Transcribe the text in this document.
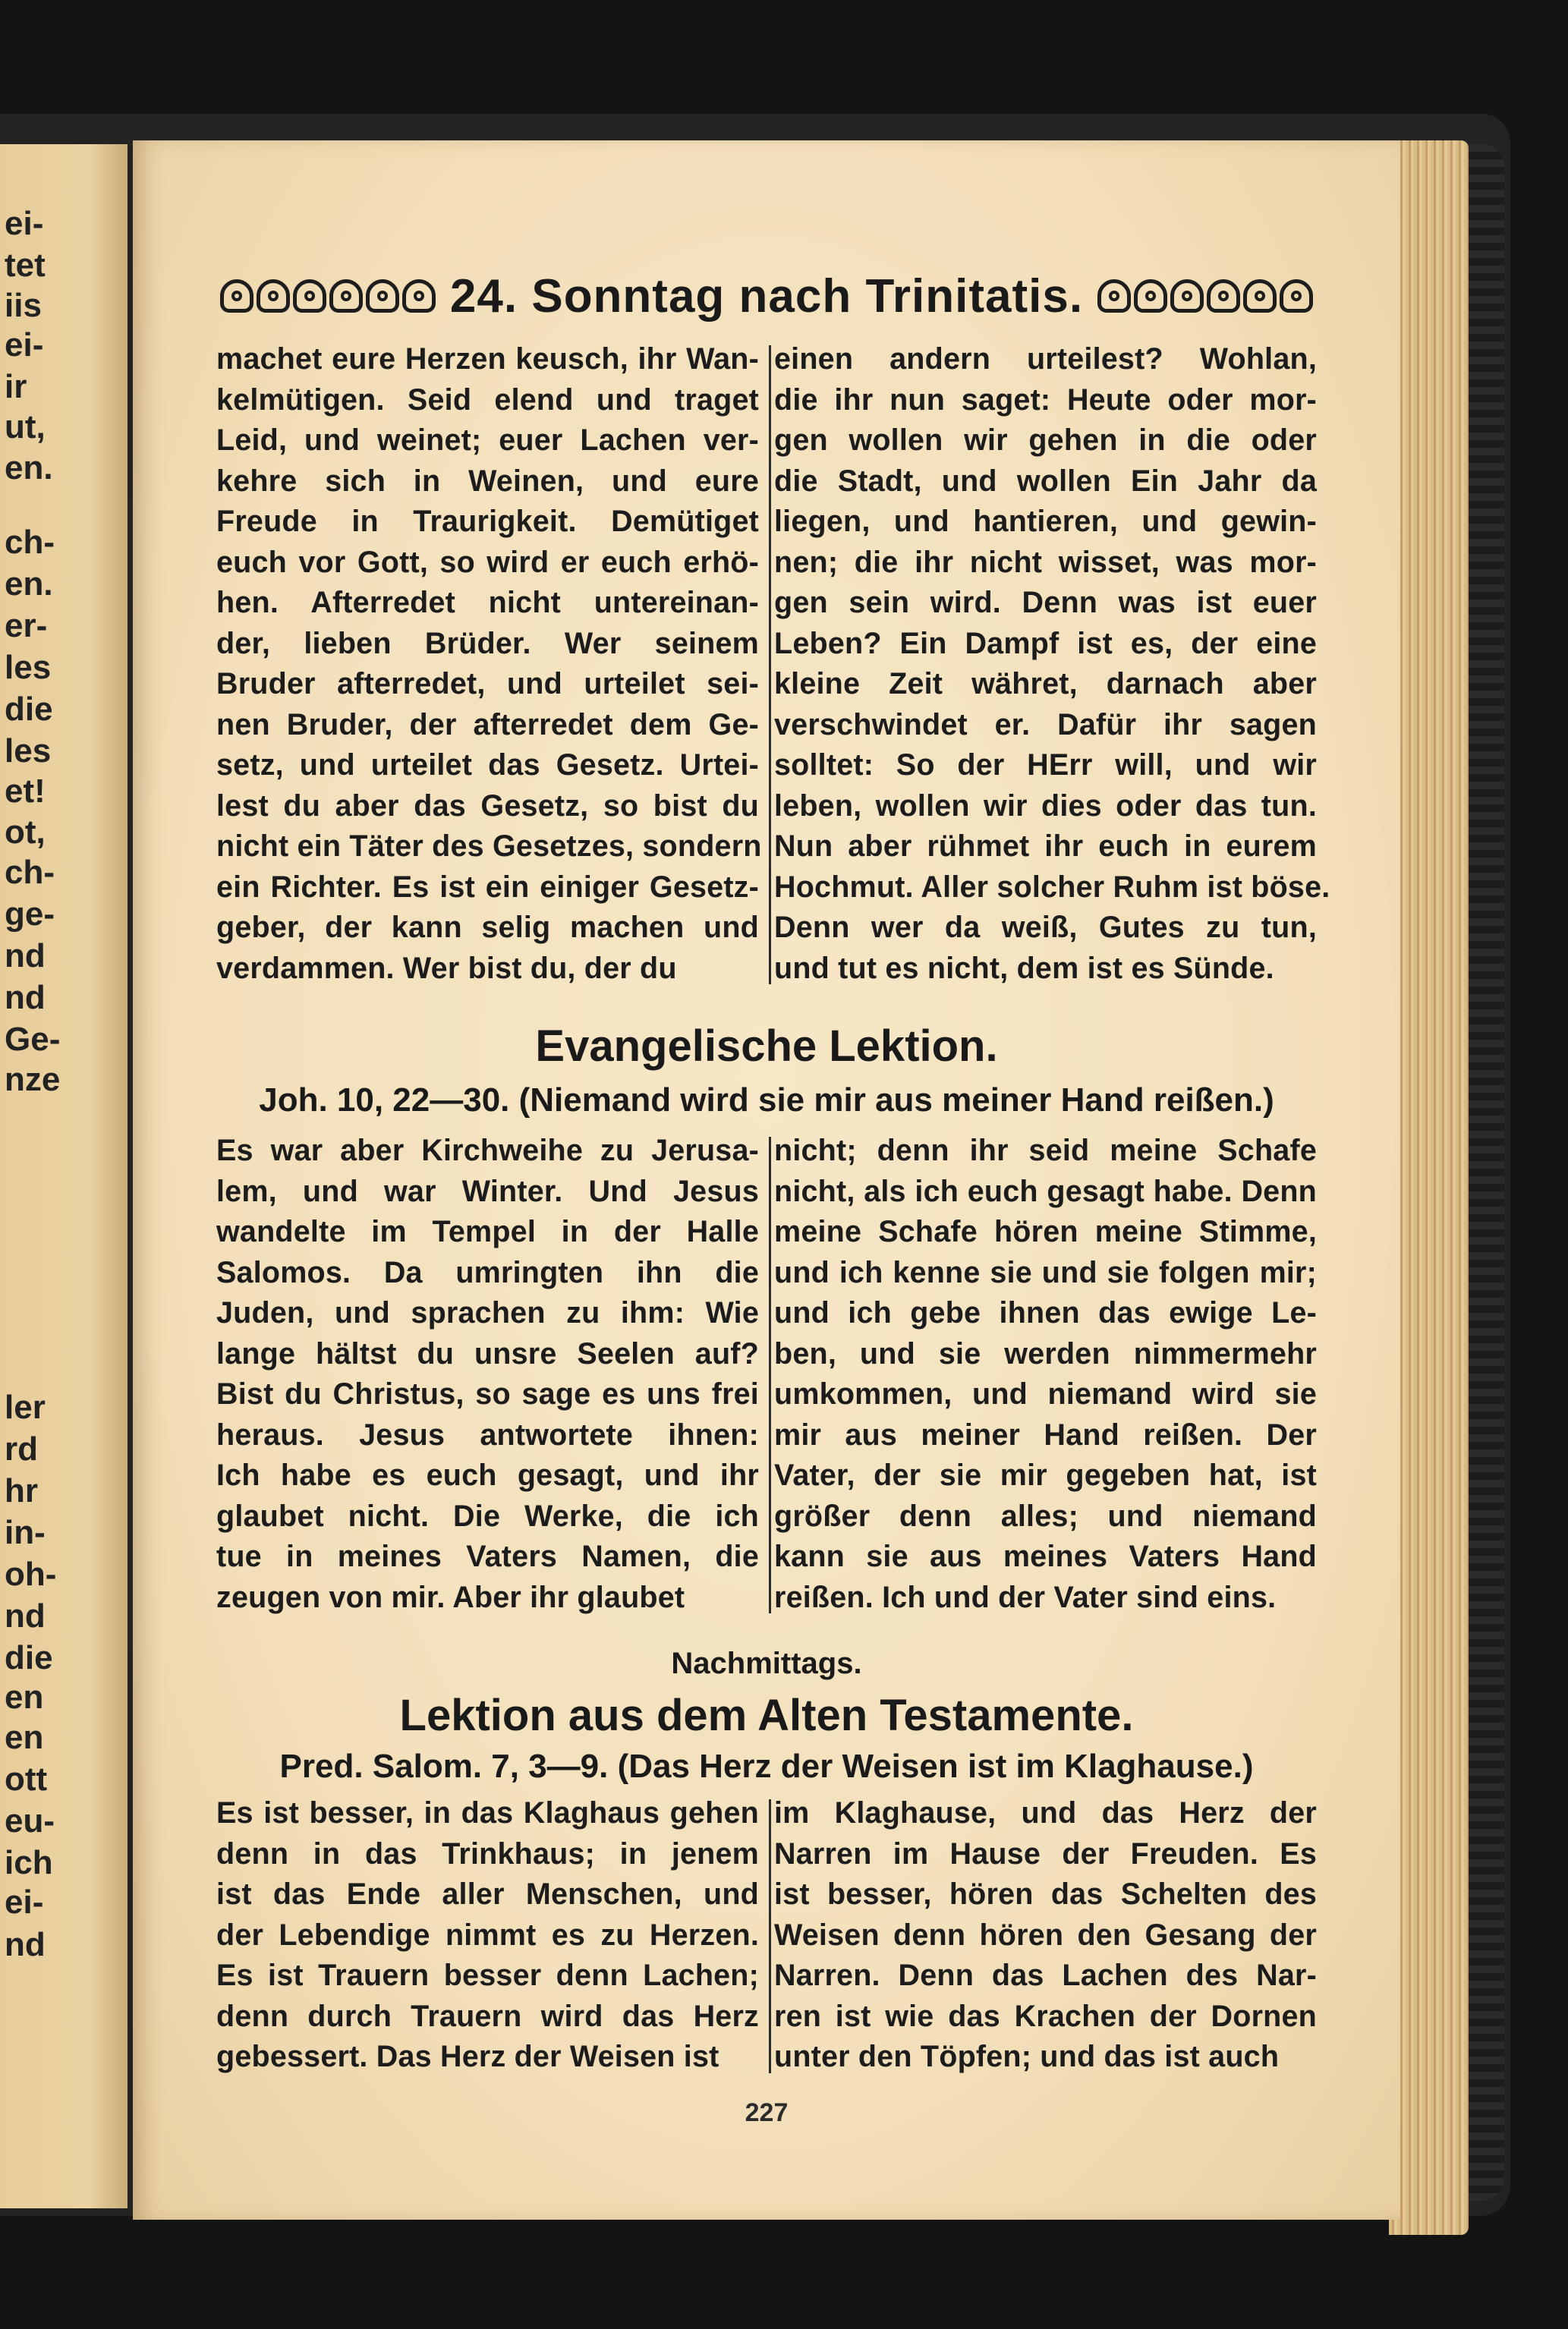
ei-
tet
iis
ei-
ir
ut,
en.
ch-
en.
er-
les
die
les
et!
ot,
ch-
ge-
nd
nd
Ge-
nze
ler
rd
hr
in-
oh-
nd
die
en
en
ott
eu-
ich
ei-
nd
24. Sonntag nach Trinitatis.
machet eure Herzen keusch, ihr Wan-
kelmütigen. Seid elend und traget
Leid, und weinet; euer Lachen ver-
kehre sich in Weinen, und eure
Freude in Traurigkeit. Demütiget
euch vor Gott, so wird er euch erhö-
hen. Afterredet nicht untereinan-
der, lieben Brüder. Wer seinem
Bruder afterredet, und urteilet sei-
nen Bruder, der afterredet dem Ge-
setz, und urteilet das Gesetz. Urtei-
lest du aber das Gesetz, so bist du
nicht ein Täter des Gesetzes, sondern
ein Richter. Es ist ein einiger Gesetz-
geber, der kann selig machen und
verdammen. Wer bist du, der du
einen andern urteilest? Wohlan,
die ihr nun saget: Heute oder mor-
gen wollen wir gehen in die oder
die Stadt, und wollen Ein Jahr da
liegen, und hantieren, und gewin-
nen; die ihr nicht wisset, was mor-
gen sein wird. Denn was ist euer
Leben? Ein Dampf ist es, der eine
kleine Zeit währet, darnach aber
verschwindet er. Dafür ihr sagen
solltet: So der HErr will, und wir
leben, wollen wir dies oder das tun.
Nun aber rühmet ihr euch in eurem
Hochmut. Aller solcher Ruhm ist böse.
Denn wer da weiß, Gutes zu tun,
und tut es nicht, dem ist es Sünde.
Evangelische Lektion.
Joh. 10, 22—30. (Niemand wird sie mir aus meiner Hand reißen.)
Es war aber Kirchweihe zu Jerusa-
lem, und war Winter. Und Jesus
wandelte im Tempel in der Halle
Salomos. Da umringten ihn die
Juden, und sprachen zu ihm: Wie
lange hältst du unsre Seelen auf?
Bist du Christus, so sage es uns frei
heraus. Jesus antwortete ihnen:
Ich habe es euch gesagt, und ihr
glaubet nicht. Die Werke, die ich
tue in meines Vaters Namen, die
zeugen von mir. Aber ihr glaubet
nicht; denn ihr seid meine Schafe
nicht, als ich euch gesagt habe. Denn
meine Schafe hören meine Stimme,
und ich kenne sie und sie folgen mir;
und ich gebe ihnen das ewige Le-
ben, und sie werden nimmermehr
umkommen, und niemand wird sie
mir aus meiner Hand reißen. Der
Vater, der sie mir gegeben hat, ist
größer denn alles; und niemand
kann sie aus meines Vaters Hand
reißen. Ich und der Vater sind eins.
Nachmittags.
Lektion aus dem Alten Testamente.
Pred. Salom. 7, 3—9. (Das Herz der Weisen ist im Klaghause.)
Es ist besser, in das Klaghaus gehen
denn in das Trinkhaus; in jenem
ist das Ende aller Menschen, und
der Lebendige nimmt es zu Herzen.
Es ist Trauern besser denn Lachen;
denn durch Trauern wird das Herz
gebessert. Das Herz der Weisen ist
im Klaghause, und das Herz der
Narren im Hause der Freuden. Es
ist besser, hören das Schelten des
Weisen denn hören den Gesang der
Narren. Denn das Lachen des Nar-
ren ist wie das Krachen der Dornen
unter den Töpfen; und das ist auch
227
